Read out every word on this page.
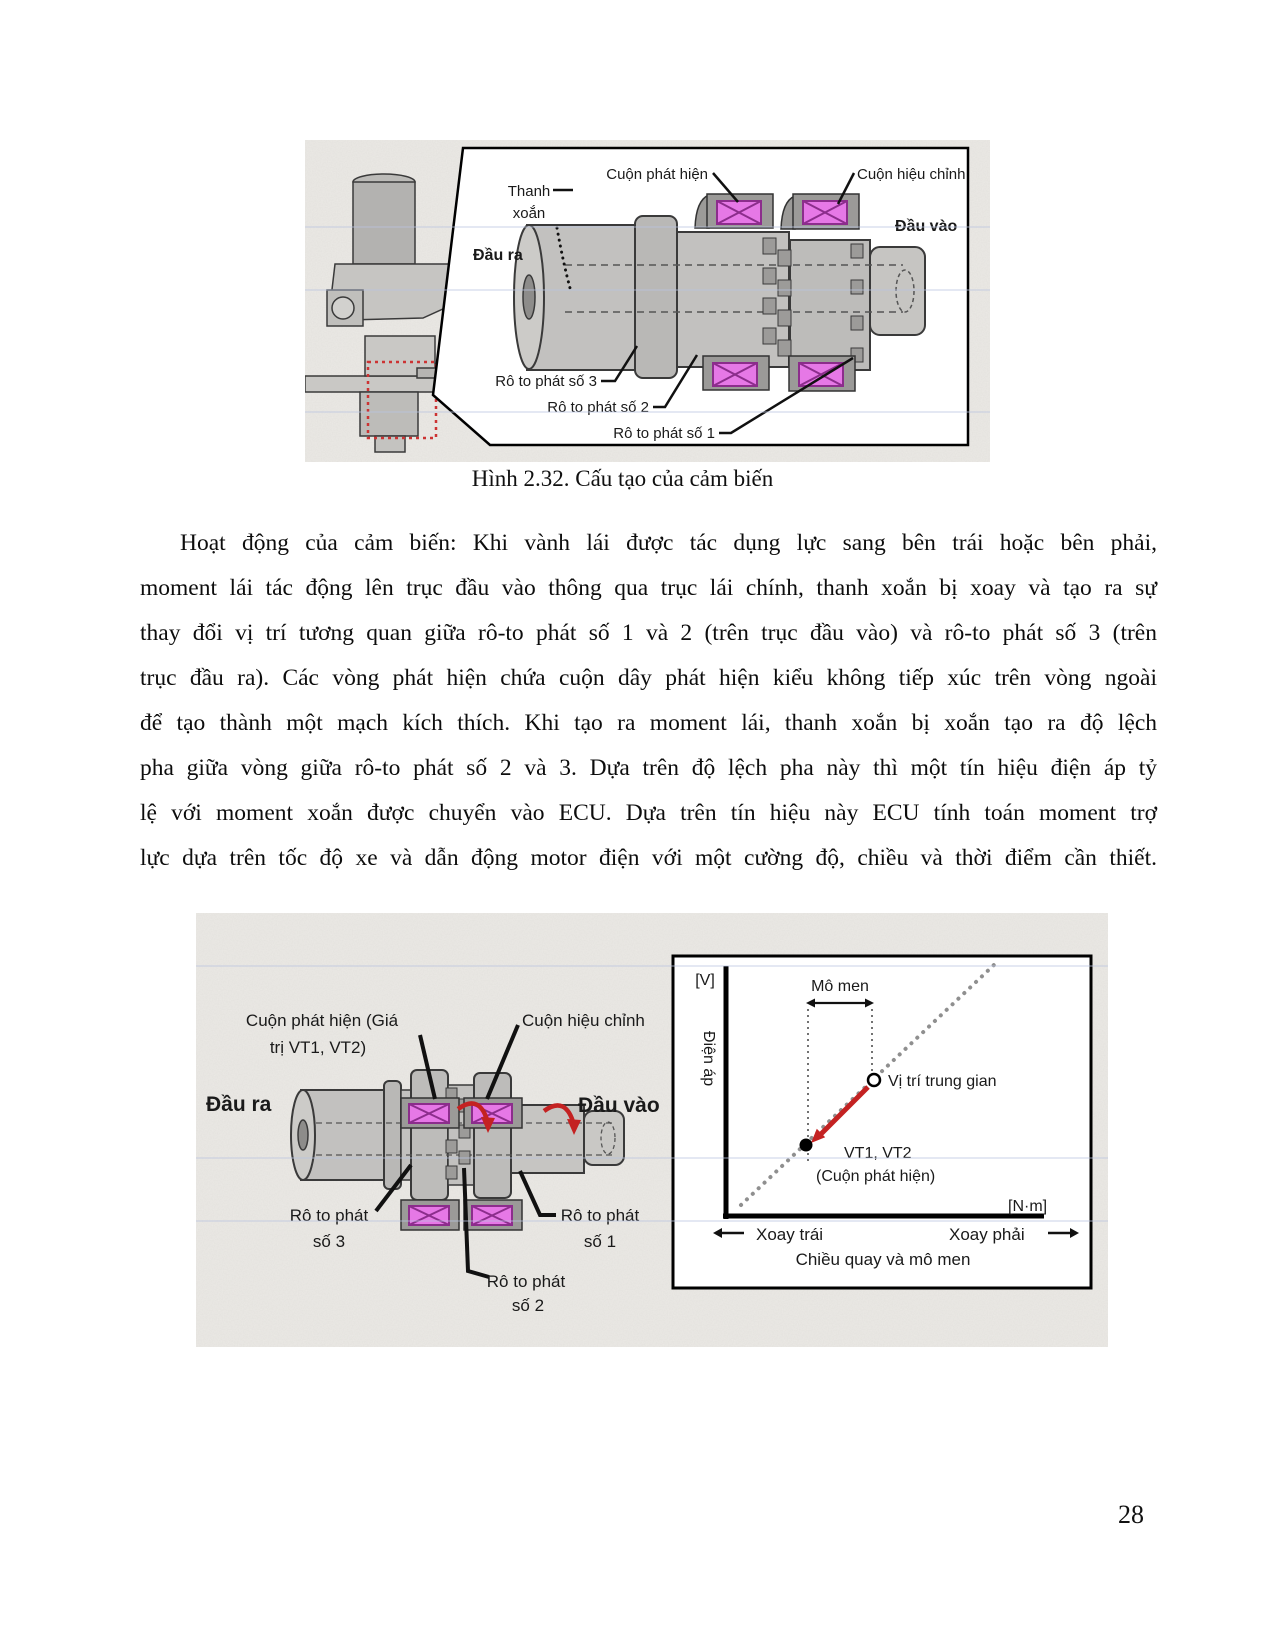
Cuộn phát hiện	Cuộn hiệu chỉnh
Thanh
xoắn
Đầu ra
Đầu vào
Rô to phát số 3
Rô to phát số 2
Rô to phát số 1
Hình 2.32. Cấu tạo của cảm biến
Hoạt động của cảm biến: Khi vành lái được tác dụng lực sang bên trái hoặc bên phải,
moment lái tác động lên trục đầu vào thông qua trục lái chính, thanh xoắn bị xoay và tạo ra sự
thay đổi vị trí tương quan giữa rô-to phát số 1 và 2 (trên trục đầu vào) và rô-to phát số 3 (trên
trục đầu ra). Các vòng phát hiện chứa cuộn dây phát hiện kiểu không tiếp xúc trên vòng ngoài
để tạo thành một mạch kích thích. Khi tạo ra moment lái, thanh xoắn bị xoắn tạo ra độ lệch
pha giữa vòng giữa rô-to phát số 2 và 3. Dựa trên độ lệch pha này thì một tín hiệu điện áp tỷ
lệ với moment xoắn được chuyển vào ECU. Dựa trên tín hiệu này ECU tính toán moment trợ
lực dựa trên tốc độ xe và dẫn động motor điện với một cường độ, chiều và thời điểm cần thiết.
Cuộn phát hiện (Giá
trị VT1, VT2)
Cuộn hiệu chỉnh
Đầu ra	Đầu vào
Rô to phát
số 3
Rô to phát
số 1
Rô to phát
số 2
[V]
Điện áp
Mô men
Vị trí trung gian
VT1, VT2
(Cuộn phát hiện)
[N·m]
Xoay trái	Xoay phải
Chiều quay và mô men
28
